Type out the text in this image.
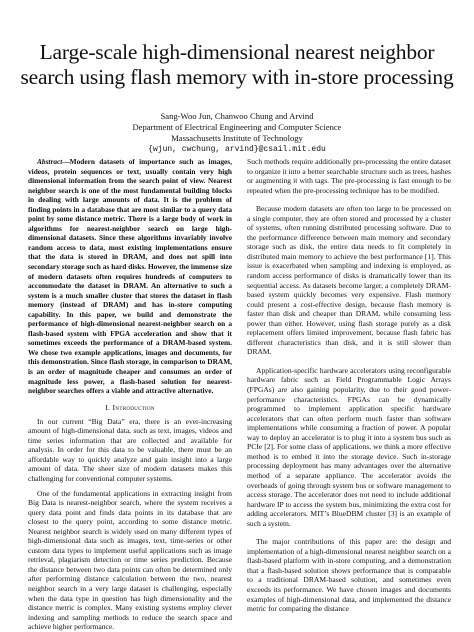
Large-scale high-dimensional nearest neighbor search using flash memory with in-store processing
Sang-Woo Jun, Chanwoo Chung and Arvind
Department of Electrical Engineering and Computer Science
Massachusetts Institute of Technology
{wjun, cwchung, arvind}@csail.mit.edu

Abstract—Modern datasets of importance such as images, videos, protein sequences or text, usually contain very high dimensional information from the search point of view. Nearest neighbor search is one of the most fundamental building blocks in dealing with large amounts of data. It is the problem of finding points in a database that are most similar to a query data point by some distance metric. There is a large body of work in algorithms for nearest-neighbor search on large high-dimensional datasets. Since these algorithms invariably involve random access to data, most existing implementations ensure that the data is stored in DRAM, and does not spill into secondary storage such as hard disks. However, the immense size of modern datasets often requires hundreds of computers to accommodate the dataset in DRAM. An alternative to such a system is a much smaller cluster that stores the dataset in flash memory (instead of DRAM) and has in-store computing capability. In this paper, we build and demonstrate the performance of high-dimensional nearest-neighbor search on a flash-based system with FPGA acceleration and show that it sometimes exceeds the performance of a DRAM-based system. We chose two example applications, images and documents, for this demonstration. Since flash storage, in comparison to DRAM, is an order of magnitude cheaper and consumes an order of magnitude less power, a flash-based solution for nearest-neighbor searches offers a viable and attractive alternative.

I. Introduction

In our current “Big Data” era, there is an ever-increasing amount of high-dimensional data, such as text, images, videos and time series information that are collected and available for analysis. In order for this data to be valuable, there must be an affordable way to quickly analyze and gain insight into a large amount of data. The sheer size of modern datasets makes this challenging for conventional computer systems.

One of the fundamental applications in extracting insight from Big Data is nearest-neighbor search, where the system receives a query data point and finds data points in its database that are closest to the query point, according to some distance metric. Nearest neighbor search is widely used on many different types of high-dimensional data such as images, text, time-series or other custom data types to implement useful applications such as image retrieval, plagiarism detection or time series prediction. Because the distance between two data points can often be determined only after performing distance calculation between the two, nearest neighbor search in a very large dataset is challenging, especially when the data type in question has high dimensionality and the distance metric is complex. Many existing systems employ clever indexing and sampling methods to reduce the search space and achieve higher performance.

Such methods require additionally pre-processing the entire dataset to organize it into a better searchable structure such as trees, hashes or augmenting it with tags. The pre-processing is fast enough to be repeated when the pre-processing technique has to be modified.

Because modern datasets are often too large to be processed on a single computer, they are often stored and processed by a cluster of systems, often running distributed processing software. Due to the performance difference between main memory and secondary storage such as disk, the entire data needs to fit completely in distributed main memory to achieve the best performance [1]. This issue is exacerbated when sampling and indexing is employed, as random access performance of disks is dramatically lower than its sequential access. As datasets become larger, a completely DRAM-based system quickly becomes very expensive. Flash memory could present a cost-effective design, because flash memory is faster than disk and cheaper than DRAM, while consuming less power than either. However, using flash storage purely as a disk replacement offers limited improvement, because flash fabric has different characteristics than disk, and it is still slower than DRAM.

Application-specific hardware accelerators using reconfigurable hardware fabric such as Field Programmable Logic Arrays (FPGAs) are also gaining popularity, due to their good power-performance characteristics. FPGAs can be dynamically programmed to implement application specific hardware accelerators that can often perform much faster than software implementations while consuming a fraction of power. A popular way to deploy an accelerator is to plug it into a system bus such as PCIe [2]. For some class of applications, we think a more effective method is to embed it into the storage device. Such in-storage processing deployment has many advantages over the alternative method of a separate appliance. The accelerator avoids the overheads of going through system bus or software management to access storage. The accelerator does not need to include additional hardware IP to access the system bus, minimizing the extra cost for adding accelerators. MIT’s BlueDBM cluster [3] is an example of such a system.

The major contributions of this paper are: the design and implementation of a high-dimensional nearest neighbor search on a flash-based platform with in-store computing, and a demonstration that a flash-based solution shows performance that is comparable to a traditional DRAM-based solution, and sometimes even exceeds its performance. We have chosen images and documents examples of high-dimensional data, and implemented the distance metric for comparing the distance
